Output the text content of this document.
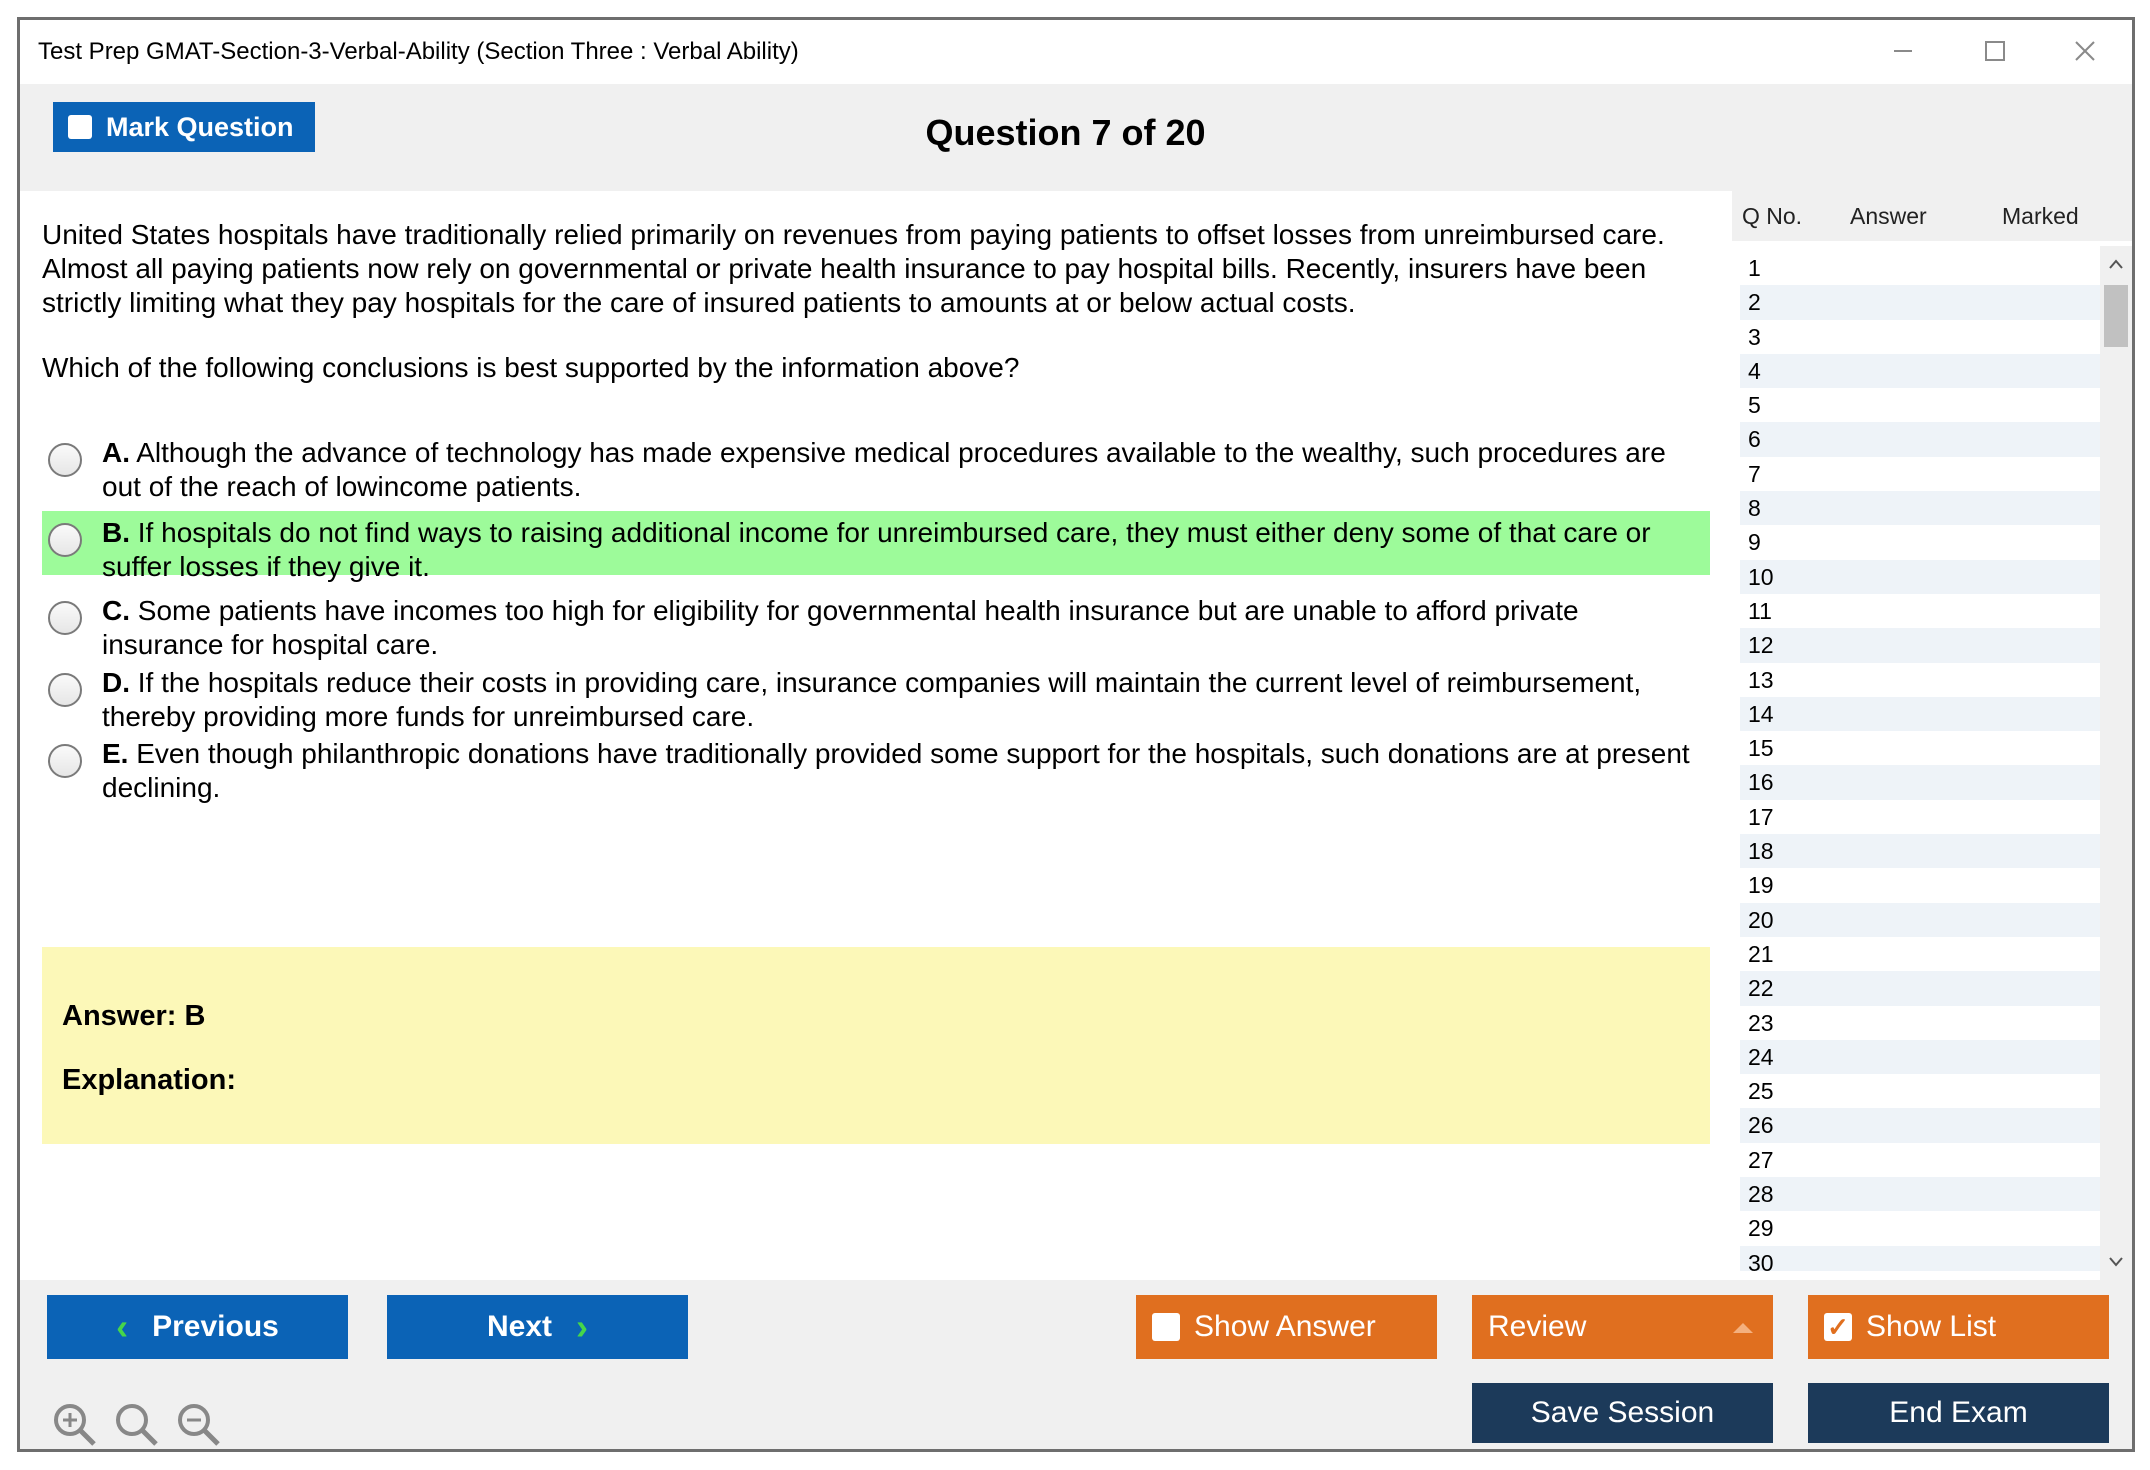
Test Prep GMAT-Section-3-Verbal-Ability (Section Three : Verbal Ability)
Mark Question	Question 7 of 20
United States hospitals have traditionally relied primarily on revenues from paying patients to offset losses from unreimbursed care. Almost all paying patients now rely on governmental or private health insurance to pay hospital bills. Recently, insurers have been strictly limiting what they pay hospitals for the care of insured patients to amounts at or below actual costs.
Which of the following conclusions is best supported by the information above?
A. Although the advance of technology has made expensive medical procedures available to the wealthy, such procedures are out of the reach of lowincome patients.
B. If hospitals do not find ways to raising additional income for unreimbursed care, they must either deny some of that care or suffer losses if they give it.
C. Some patients have incomes too high for eligibility for governmental health insurance but are unable to afford private insurance for hospital care.
D. If the hospitals reduce their costs in providing care, insurance companies will maintain the current level of reimbursement, thereby providing more funds for unreimbursed care.
E. Even though philanthropic donations have traditionally provided some support for the hospitals, such donations are at present declining.
Answer: B
Explanation:
Q No. Answer	Marked
1
2
3
4
5
6
7
8
9
10
11
12
13
14
15
16
17
18
19
20
21
22
23
24
25
26
27
28
29
30
‹ Previous	Next ›	Show Answer	Review	✓ Show List
Save Session	End Exam
